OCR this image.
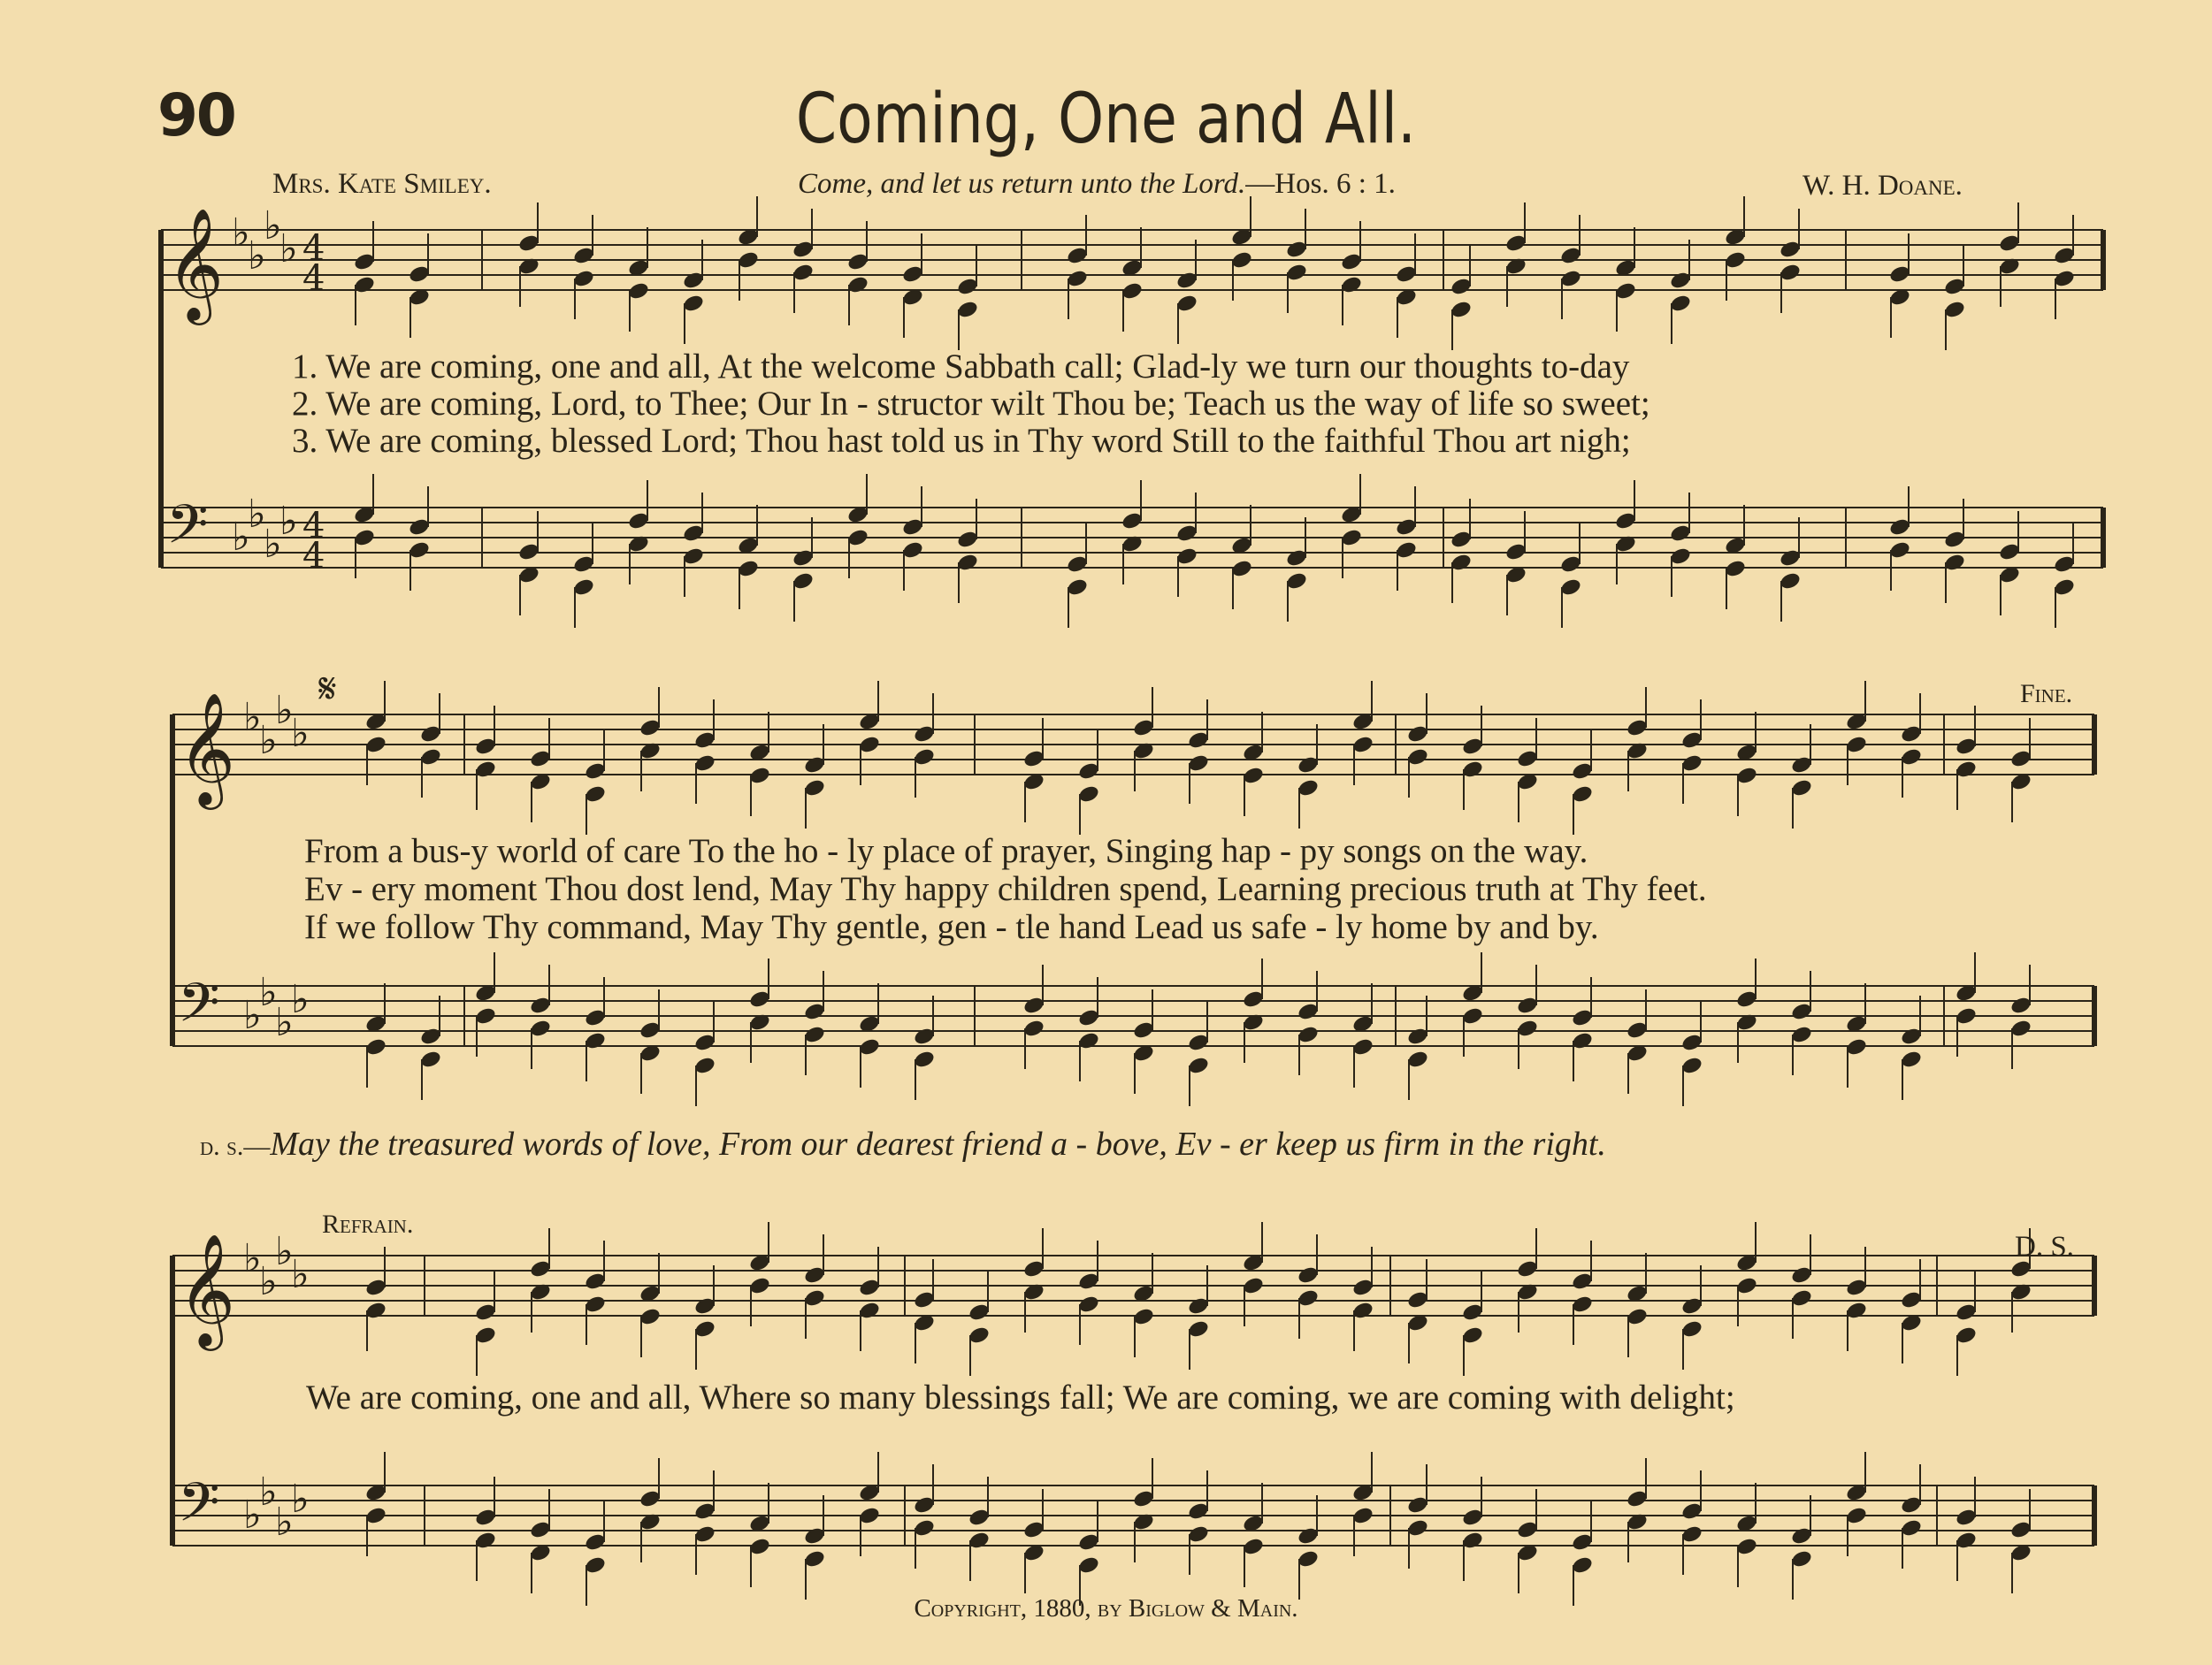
90	Coming, One and All.
Mrs. Kate Smiley.	Come, and let us return unto the Lord.—Hos. 6 : 1.	W. H. Doane.
𝄞 ♭
♭
♭
♭ 4
4
𝄢 ♭
♭
♭
♭ 4
4
𝄞 ♭
♭
♭
♭
𝄢 ♭
♭
♭
♭
𝄞 ♭
♭
♭
♭
𝄢 ♭
♭
♭
♭
1. We are coming, one and all, At the welcome Sabbath call; Glad-ly we turn our thoughts to-day
2. We are coming, Lord, to Thee; Our In - structor wilt Thou be; Teach us the way of life so sweet;
3. We are coming, blessed Lord; Thou hast told us in Thy word Still to the faithful Thou art nigh;
𝄋	Fine.
From a bus-y world of care To the ho - ly place of prayer, Singing hap - py songs on the way.
Ev - ery moment Thou dost lend, May Thy happy children spend, Learning precious truth at Thy feet.
If we follow Thy command, May Thy gentle, gen - tle hand Lead us safe - ly home by and by.
d. s.—May the treasured words of love, From our dearest friend a - bove, Ev - er keep us firm in the right.
Refrain.
D. S.
We are coming, one and all, Where so many blessings fall; We are coming, we are coming with delight;
Copyright, 1880, by Biglow & Main.
